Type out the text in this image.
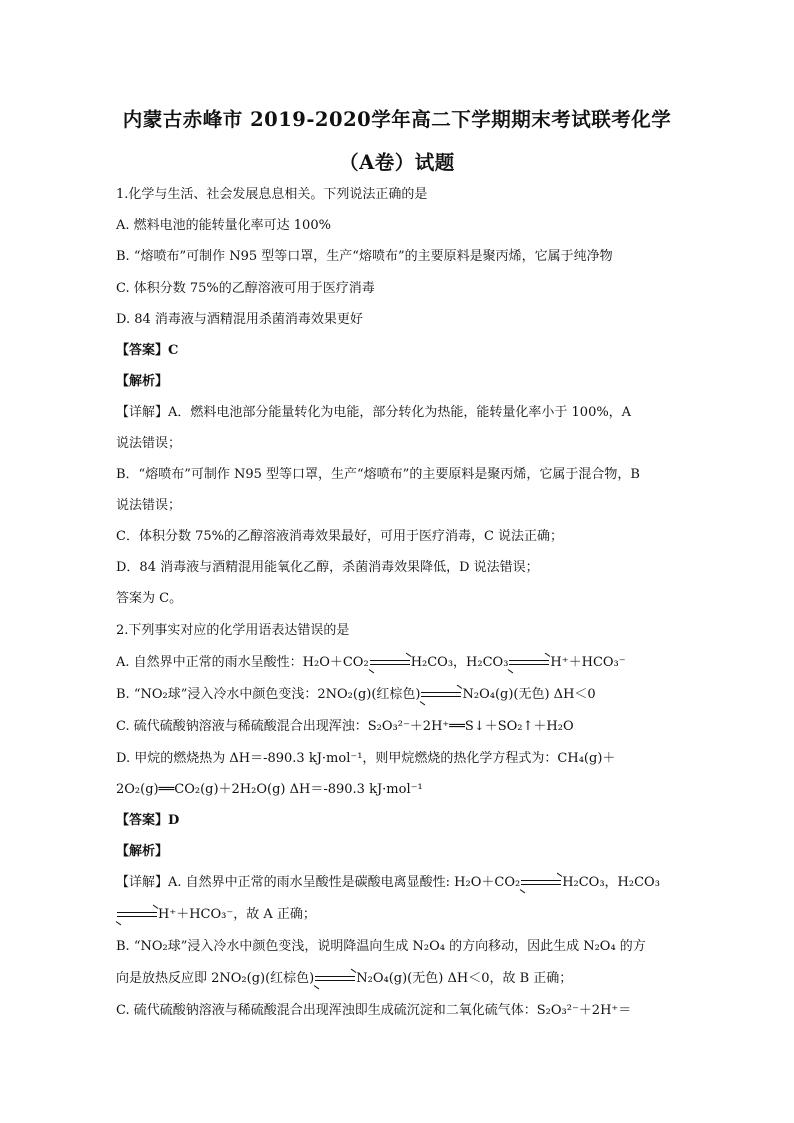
内蒙古赤峰市 2019-2020学年高二下学期期末考试联考化学
（A卷）试题
1.化学与生活、社会发展息息相关。下列说法正确的是
A. 燃料电池的能转量化率可达 100%
B. “熔喷布”可制作 N95 型等口罩，生产“熔喷布”的主要原料是聚丙烯，它属于纯净物
C. 体积分数 75%的乙醇溶液可用于医疗消毒
D. 84 消毒液与酒精混用杀菌消毒效果更好
【答案】C
【解析】
【详解】A．燃料电池部分能量转化为电能，部分转化为热能，能转量化率小于 100%，A
说法错误；
B．“熔喷布”可制作 N95 型等口罩，生产“熔喷布”的主要原料是聚丙烯，它属于混合物，B
说法错误；
C．体积分数 75%的乙醇溶液消毒效果最好，可用于医疗消毒，C 说法正确；
D．84 消毒液与酒精混用能氧化乙醇，杀菌消毒效果降低，D 说法错误；
答案为 C。
2.下列事实对应的化学用语表达错误的是
A. 自然界中正常的雨水呈酸性：H₂O＋CO₂	H₂CO₃，H₂CO₃	H⁺＋HCO₃⁻
B. “NO₂球”浸入冷水中颜色变浅：2NO₂(g)(红棕色)	N₂O₄(g)(无色) ΔH＜0
C. 硫代硫酸钠溶液与稀硫酸混合出现浑浊：S₂O₃²⁻＋2H⁺══S↓＋SO₂↑＋H₂O
D. 甲烷的燃烧热为 ΔH＝-890.3 kJ·mol⁻¹，则甲烷燃烧的热化学方程式为：CH₄(g)＋
2O₂(g)══CO₂(g)＋2H₂O(g) ΔH＝-890.3 kJ·mol⁻¹
【答案】D
【解析】
【详解】A. 自然界中正常的雨水呈酸性是碳酸电离显酸性: H₂O＋CO₂	H₂CO₃，H₂CO₃
H⁺＋HCO₃⁻，故 A 正确；
B. “NO₂球”浸入冷水中颜色变浅，说明降温向生成 N₂O₄ 的方向移动，因此生成 N₂O₄ 的方
向是放热反应即 2NO₂(g)(红棕色)	N₂O₄(g)(无色) ΔH＜0，故 B 正确；
C. 硫代硫酸钠溶液与稀硫酸混合出现浑浊即生成硫沉淀和二氧化硫气体：S₂O₃²⁻＋2H⁺＝
